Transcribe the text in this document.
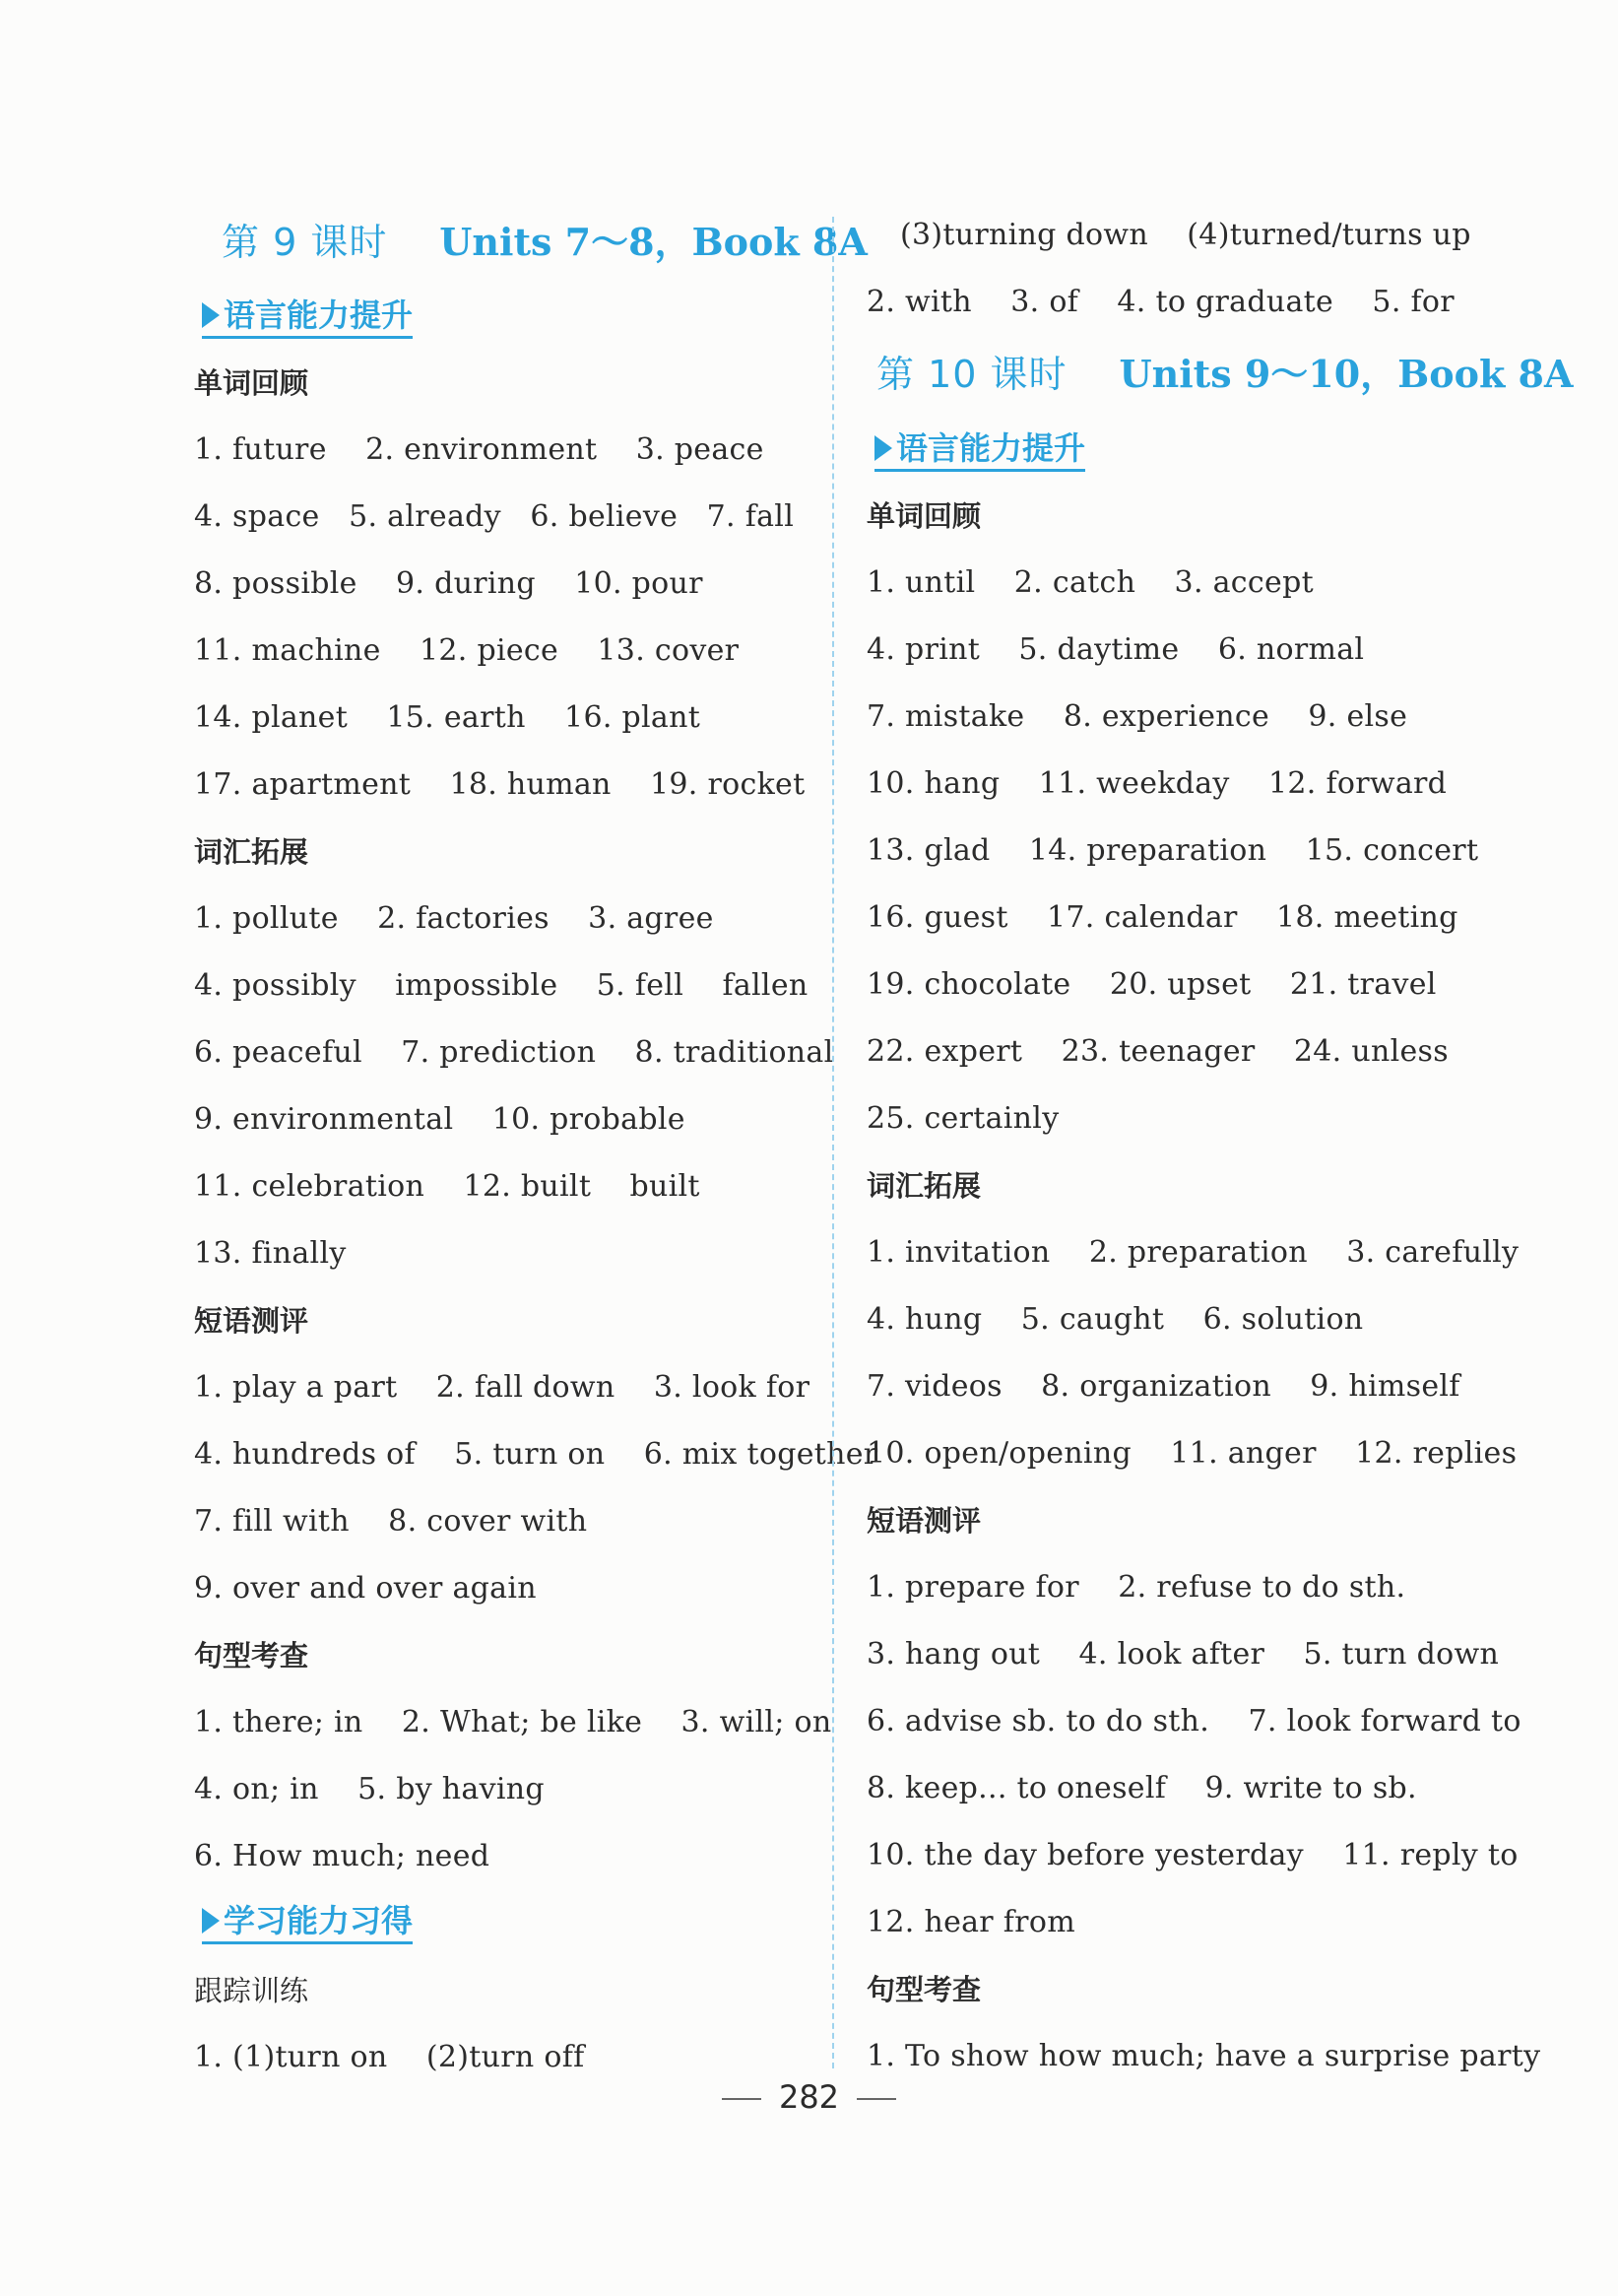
第 9 课时 Units 7～8，Book 8A
语言能力提升
单词回顾
1. future    2. environment    3. peace
4. space   5. already   6. believe   7. fall
8. possible    9. during    10. pour
11. machine    12. piece    13. cover
14. planet    15. earth    16. plant
17. apartment    18. human    19. rocket
词汇拓展
1. pollute    2. factories    3. agree
4. possibly    impossible    5. fell    fallen
6. peaceful    7. prediction    8. traditional
9. environmental    10. probable
11. celebration    12. built    built
13. finally
短语测评
1. play a part    2. fall down    3. look for
4. hundreds of    5. turn on    6. mix together
7. fill with    8. cover with
9. over and over again
句型考查
1. there; in    2. What; be like    3. will; on
4. on; in    5. by having
6. How much; need
学习能力习得
跟踪训练
1. (1)turn on    (2)turn off
(3)turning down    (4)turned/turns up
2. with    3. of    4. to graduate    5. for
第 10 课时 Units 9～10，Book 8A
语言能力提升
单词回顾
1. until    2. catch    3. accept
4. print    5. daytime    6. normal
7. mistake    8. experience    9. else
10. hang    11. weekday    12. forward
13. glad    14. preparation    15. concert
16. guest    17. calendar    18. meeting
19. chocolate    20. upset    21. travel
22. expert    23. teenager    24. unless
25. certainly
词汇拓展
1. invitation    2. preparation    3. carefully
4. hung    5. caught    6. solution
7. videos    8. organization    9. himself
10. open/opening    11. anger    12. replies
短语测评
1. prepare for    2. refuse to do sth.
3. hang out    4. look after    5. turn down
6. advise sb. to do sth.    7. look forward to
8. keep... to oneself    9. write to sb.
10. the day before yesterday    11. reply to
12. hear from
句型考查
1. To show how much; have a surprise party
282
